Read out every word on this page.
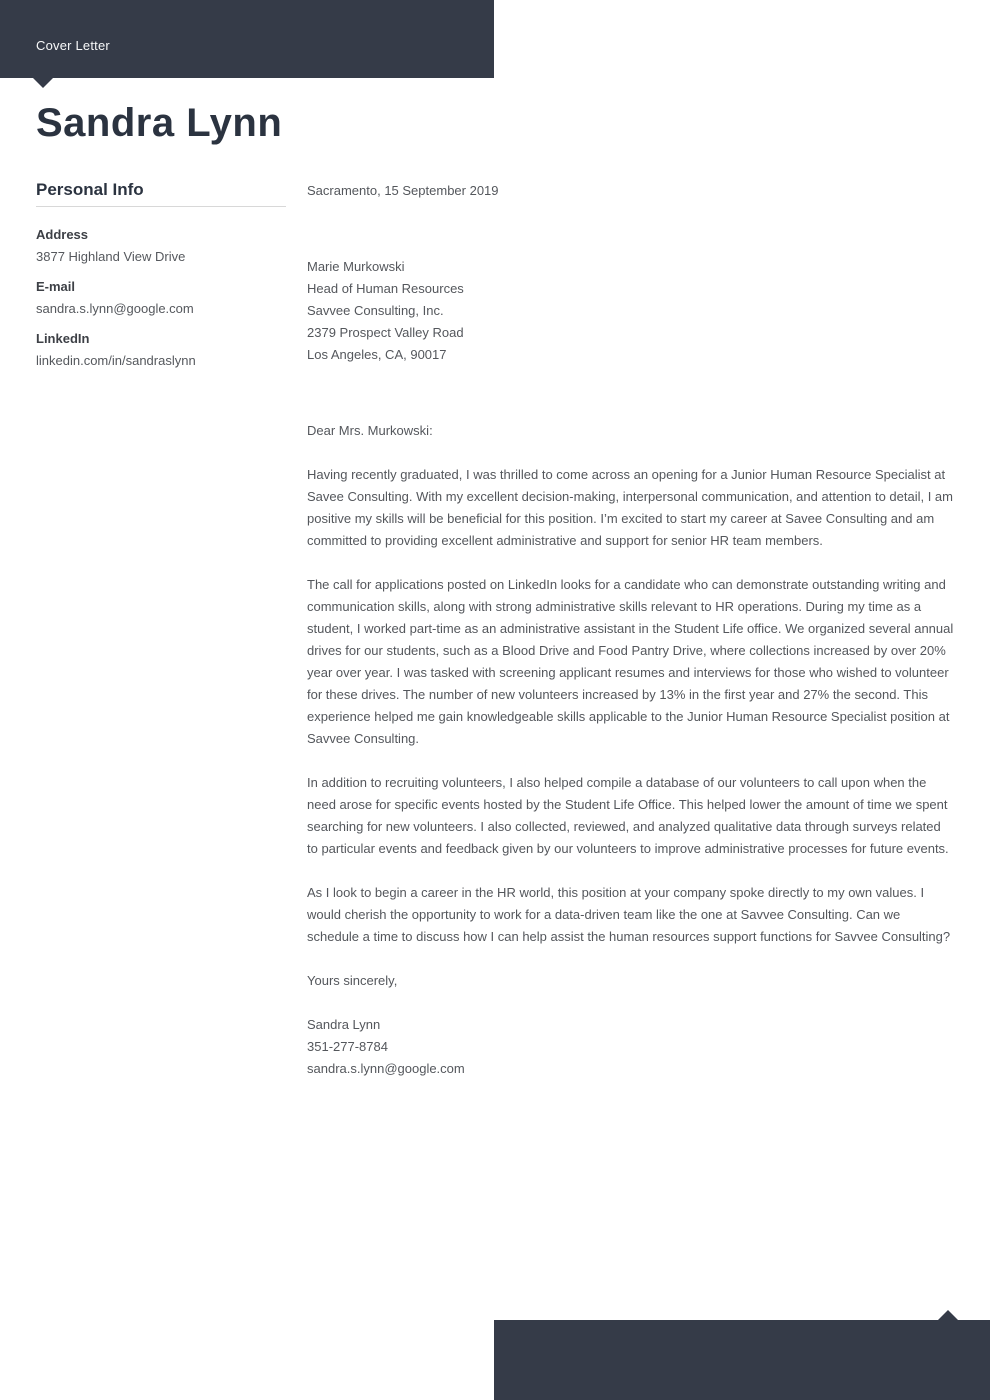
Cover Letter
Sandra Lynn
Personal Info
Address
3877 Highland View Drive
E-mail
sandra.s.lynn@google.com
LinkedIn
linkedin.com/in/sandraslynn

Sacramento, 15 September 2019

Marie Murkowski

Head of Human Resources

Savvee Consulting, Inc.

2379 Prospect Valley Road

Los Angeles, CA, 90017

Dear Mrs. Murkowski:

Having recently graduated, I was thrilled to come across an opening for a Junior Human Resource Specialist at Savee Consulting. With my excellent decision-making, interpersonal communication, and attention to detail, I am positive my skills will be beneficial for this position. I’m excited to start my career at Savee Consulting and am committed to providing excellent administrative and support for senior HR team members.

The call for applications posted on LinkedIn looks for a candidate who can demonstrate outstanding writing and communication skills, along with strong administrative skills relevant to HR operations. During my time as a student, I worked part-time as an administrative assistant in the Student Life office. We organized several annual drives for our students, such as a Blood Drive and Food Pantry Drive, where collections increased by over 20% year over year. I was tasked with screening applicant resumes and interviews for those who wished to volunteer for these drives. The number of new volunteers increased by 13% in the first year and 27% the second. This experience helped me gain knowledgeable skills applicable to the Junior Human Resource Specialist position at Savvee Consulting.

In addition to recruiting volunteers, I also helped compile a database of our volunteers to call upon when the need arose for specific events hosted by the Student Life Office. This helped lower the amount of time we spent searching for new volunteers. I also collected, reviewed, and analyzed qualitative data through surveys related to particular events and feedback given by our volunteers to improve administrative processes for future events.

As I look to begin a career in the HR world, this position at your company spoke directly to my own values. I would cherish the opportunity to work for a data-driven team like the one at Savvee Consulting. Can we schedule a time to discuss how I can help assist the human resources support functions for Savvee Consulting?

Yours sincerely,

Sandra Lynn

351-277-8784

sandra.s.lynn@google.com
